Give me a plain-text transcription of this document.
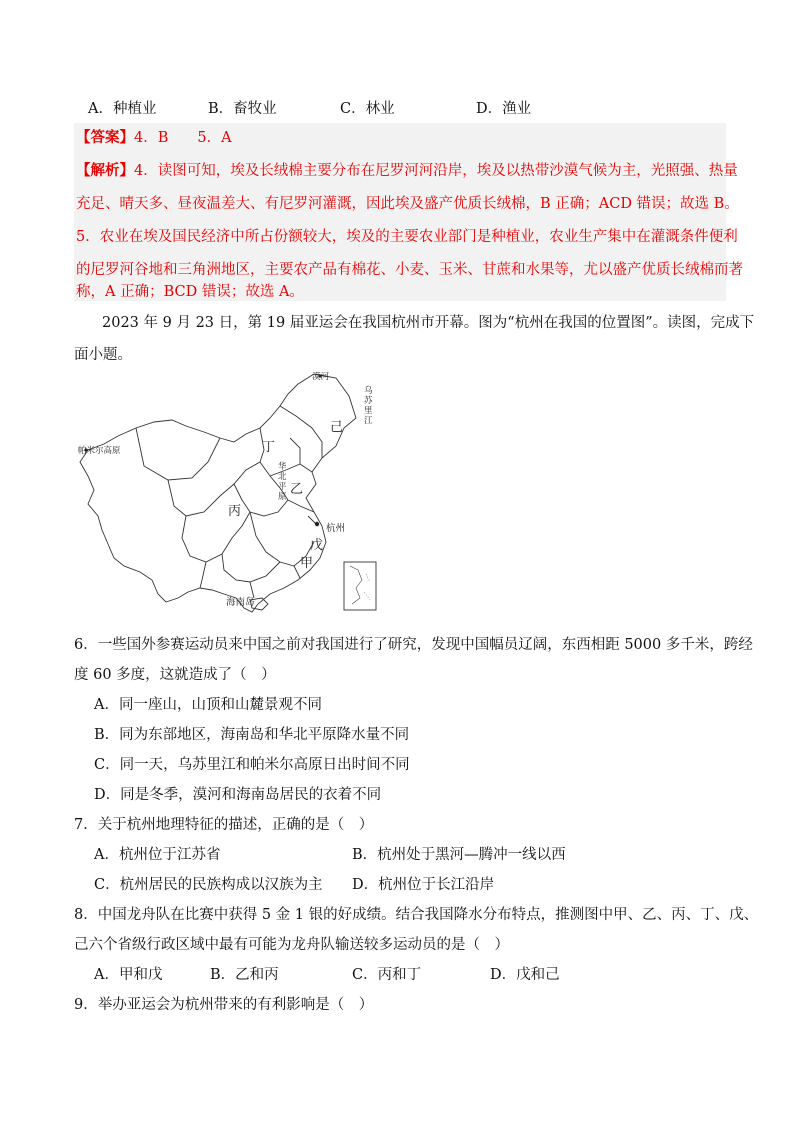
A．种植业	B．畜牧业	C．林业	D．渔业
【答案】4．B　　5．A
【解析】4．读图可知，埃及长绒棉主要分布在尼罗河河沿岸，埃及以热带沙漠气候为主，光照强、热量
充足、晴天多、昼夜温差大、有尼罗河灌溉，因此埃及盛产优质长绒棉，B 正确；ACD 错误；故选 B。
5．农业在埃及国民经济中所占份额较大，埃及的主要农业部门是种植业，农业生产集中在灌溉条件便利
的尼罗河谷地和三角洲地区，主要农产品有棉花、小麦、玉米、甘蔗和水果等，尤以盛产优质长绒棉而著
称，A 正确；BCD 错误；故选 A。
2023 年 9 月 23 日，第 19 届亚运会在我国杭州市开幕。图为“杭州在我国的位置图”。读图，完成下
面小题。
漠河
乌苏里江
帕米尔高原
己
丁
华北平原 乙
丙
杭州
戊
甲
海南岛
6．一些国外参赛运动员来中国之前对我国进行了研究，发现中国幅员辽阔，东西相距 5000 多千米，跨经
度 60 多度，这就造成了（　）
A．同一座山，山顶和山麓景观不同
B．同为东部地区，海南岛和华北平原降水量不同
C．同一天，乌苏里江和帕米尔高原日出时间不同
D．同是冬季，漠河和海南岛居民的衣着不同
7．关于杭州地理特征的描述，正确的是（　）
A．杭州位于江苏省	B．杭州处于黑河—腾冲一线以西
C．杭州居民的民族构成以汉族为主 D．杭州位于长江沿岸
8．中国龙舟队在比赛中获得 5 金 1 银的好成绩。结合我国降水分布特点，推测图中甲、乙、丙、丁、戊、
己六个省级行政区域中最有可能为龙舟队输送较多运动员的是（　）
A．甲和戊	B．乙和丙	C．丙和丁	D．戊和己
9．举办亚运会为杭州带来的有利影响是（　）
